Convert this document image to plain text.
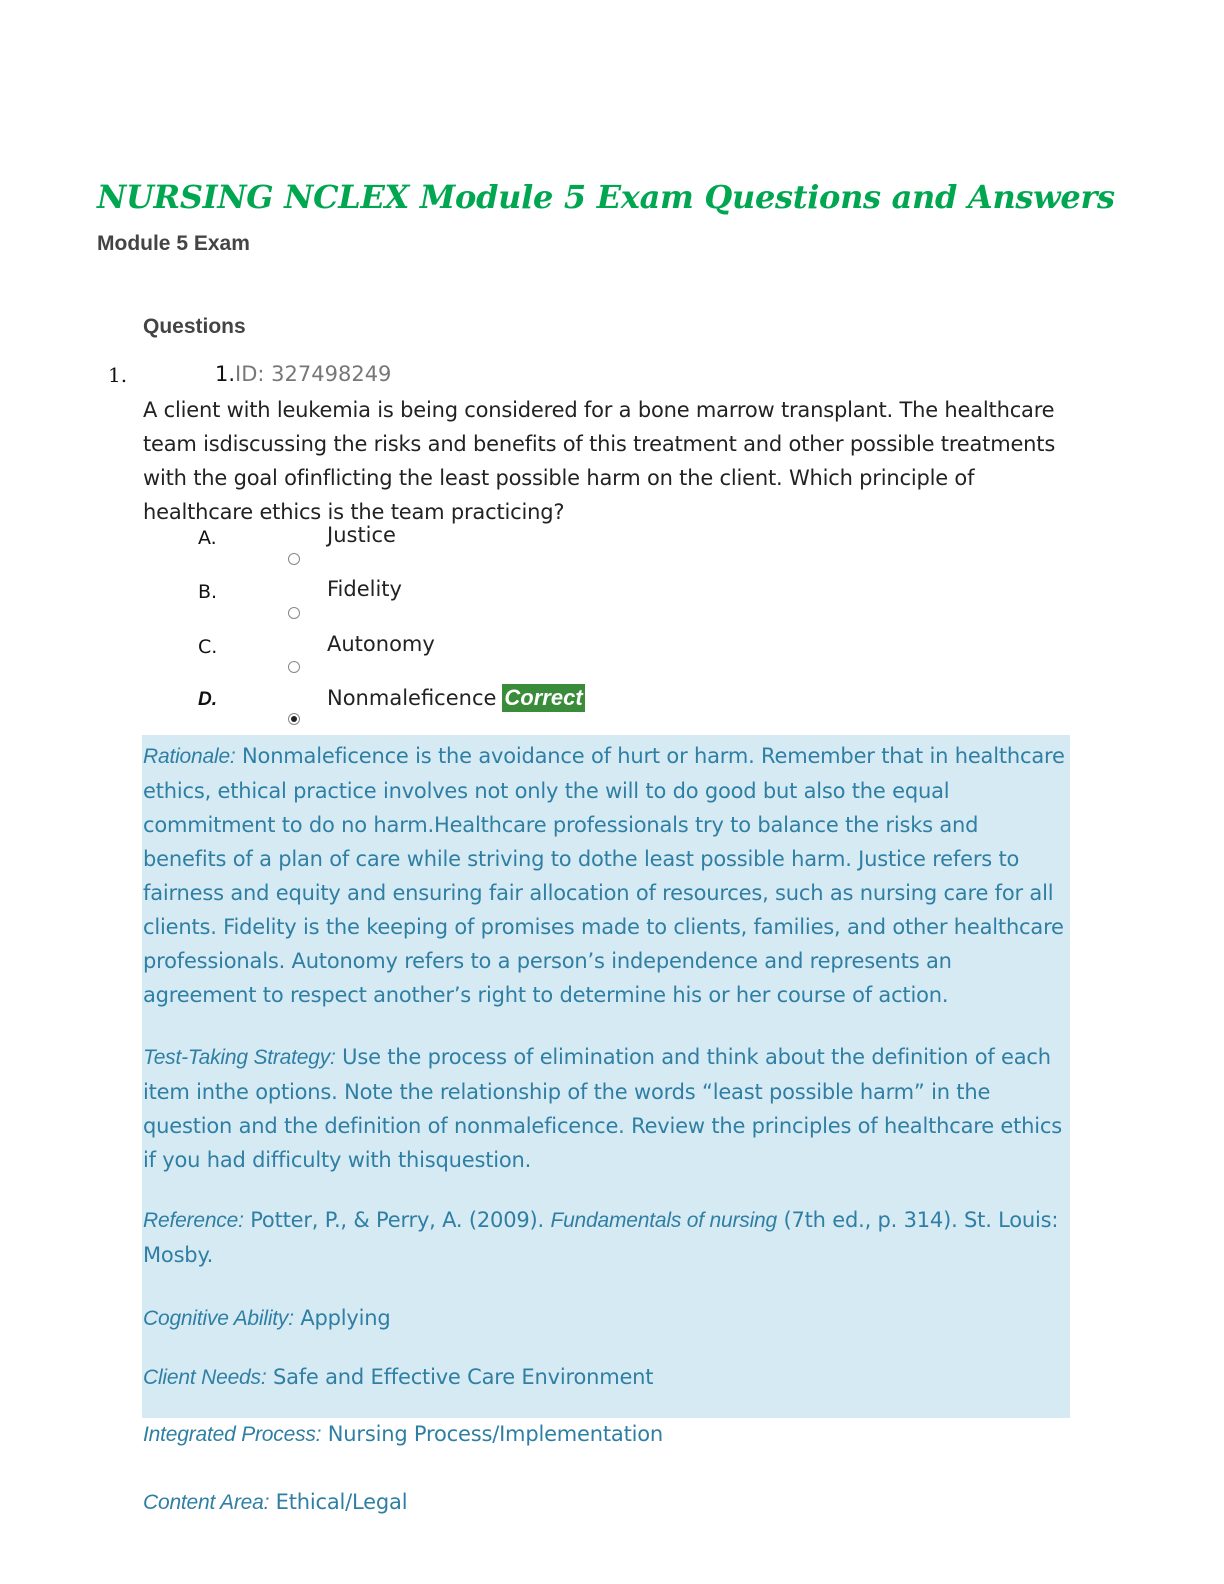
NURSING NCLEX Module 5 Exam Questions and Answers
Module 5 Exam
Questions
1.	1.ID: 327498249
A client with leukemia is being considered for a bone marrow transplant. The healthcare team isdiscussing the risks and benefits of this treatment and other possible treatments with the goal ofinflicting the least possible harm on the client. Which principle of healthcare ethics is the team practicing?
A.	Justice
B.	Fidelity
C.	Autonomy
D.	Nonmaleficence Correct
Rationale: Nonmaleficence is the avoidance of hurt or harm. Remember that in healthcare ethics, ethical practice involves not only the will to do good but also the equal commitment to do no harm.Healthcare professionals try to balance the risks and benefits of a plan of care while striving to dothe least possible harm. Justice refers to fairness and equity and ensuring fair allocation of resources, such as nursing care for all clients. Fidelity is the keeping of promises made to clients, families, and other healthcare professionals. Autonomy refers to a person’s independence and represents an agreement to respect another’s right to determine his or her course of action.
Test-Taking Strategy: Use the process of elimination and think about the definition of each item inthe options. Note the relationship of the words “least possible harm” in the question and the definition of nonmaleficence. Review the principles of healthcare ethics if you had difficulty with thisquestion.
Reference: Potter, P., & Perry, A. (2009). Fundamentals of nursing (7th ed., p. 314). St. Louis: Mosby.
Cognitive Ability: Applying
Client Needs: Safe and Effective Care Environment
Integrated Process: Nursing Process/Implementation
Content Area: Ethical/Legal
